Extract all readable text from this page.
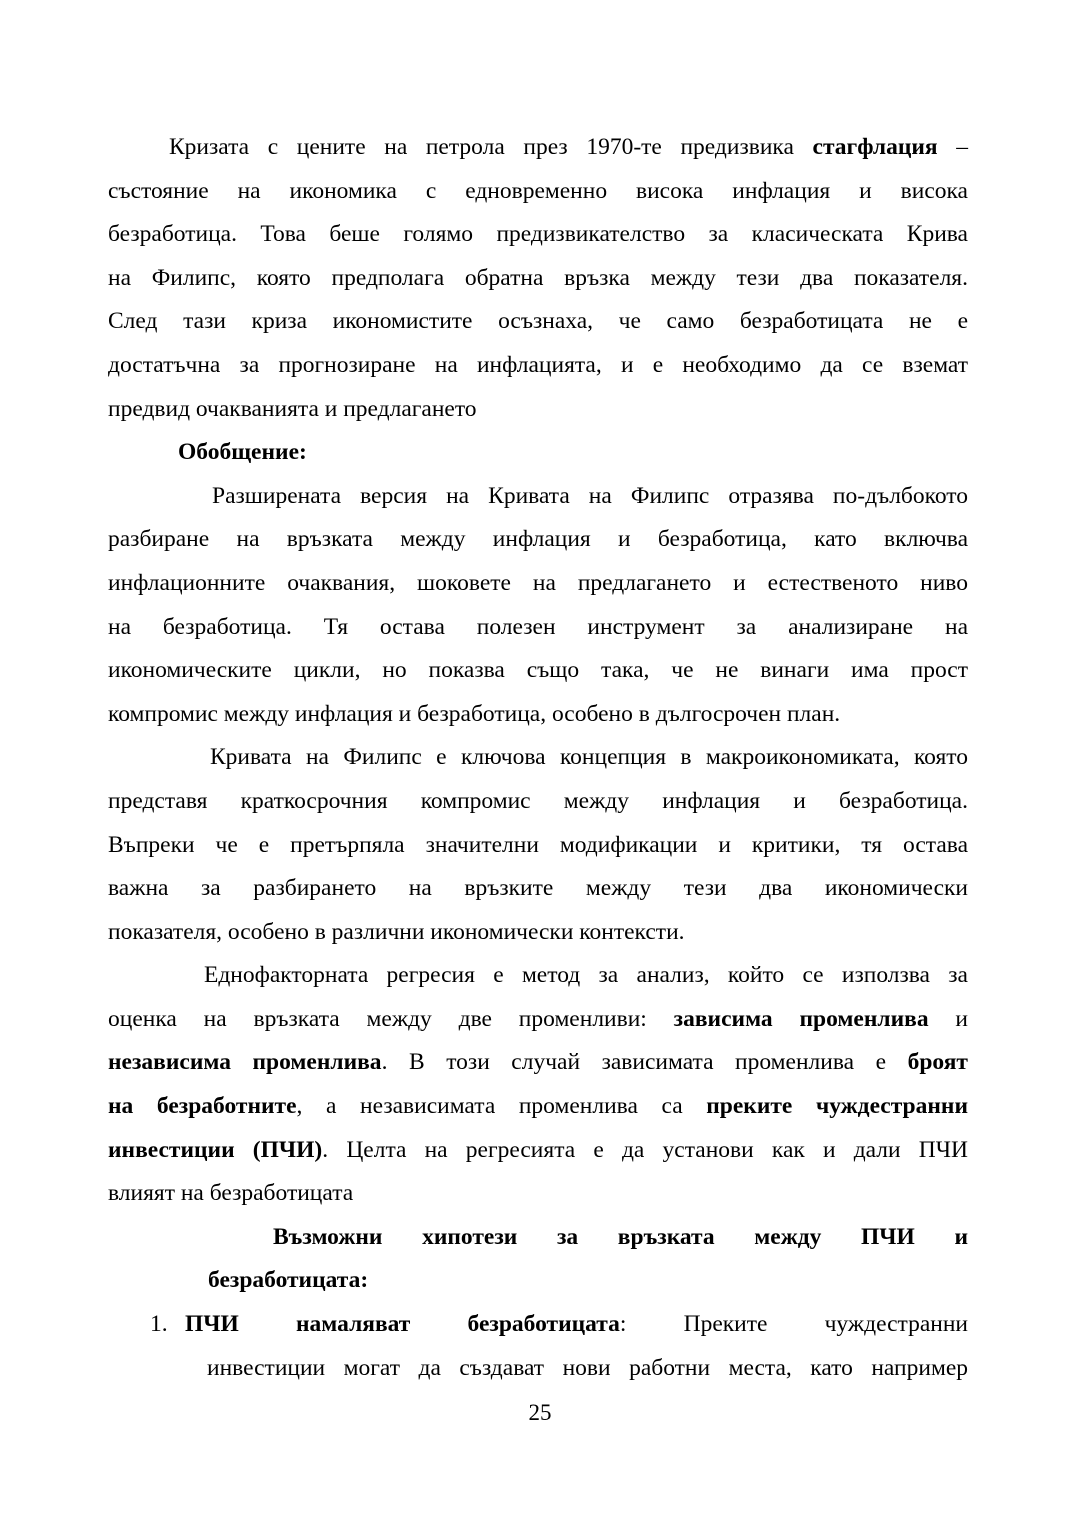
Кризата с цените на петрола през 1970-те предизвика стагфлация –
състояние на икономика с едновременно висока инфлация и висока
безработица. Това беше голямо предизвикателство за класическата Крива
на Филипс, която предполага обратна връзка между тези два показателя.
След тази криза икономистите осъзнаха, че само безработицата не е
достатъчна за прогнозиране на инфлацията, и е необходимо да се вземат
предвид очакванията и предлагането
Обобщение:
Разширената версия на Кривата на Филипс отразява по-дълбокото
разбиране на връзката между инфлация и безработица, като включва
инфлационните очаквания, шоковете на предлагането и естественото ниво
на безработица. Тя остава полезен инструмент за анализиране на
икономическите цикли, но показва също така, че не винаги има прост
компромис между инфлация и безработица, особено в дългосрочен план.
Кривата на Филипс е ключова концепция в макроикономиката, която
представя краткосрочния компромис между инфлация и безработица.
Въпреки че е претърпяла значителни модификации и критики, тя остава
важна за разбирането на връзките между тези два икономически
показателя, особено в различни икономически контексти.
Еднофакторната регресия е метод за анализ, който се използва за
оценка на връзката между две променливи: зависима променлива и
независима променлива. В този случай зависимата променлива е броят
на безработните, а независимата променлива са преките чуждестранни
инвестиции (ПЧИ). Целта на регресията е да установи как и дали ПЧИ
влияят на безработицата
Възможни хипотези за връзката между ПЧИ и
безработицата:
1. ПЧИ намаляват безработицата: Преките чуждестранни
инвестиции могат да създават нови работни места, като например
25
